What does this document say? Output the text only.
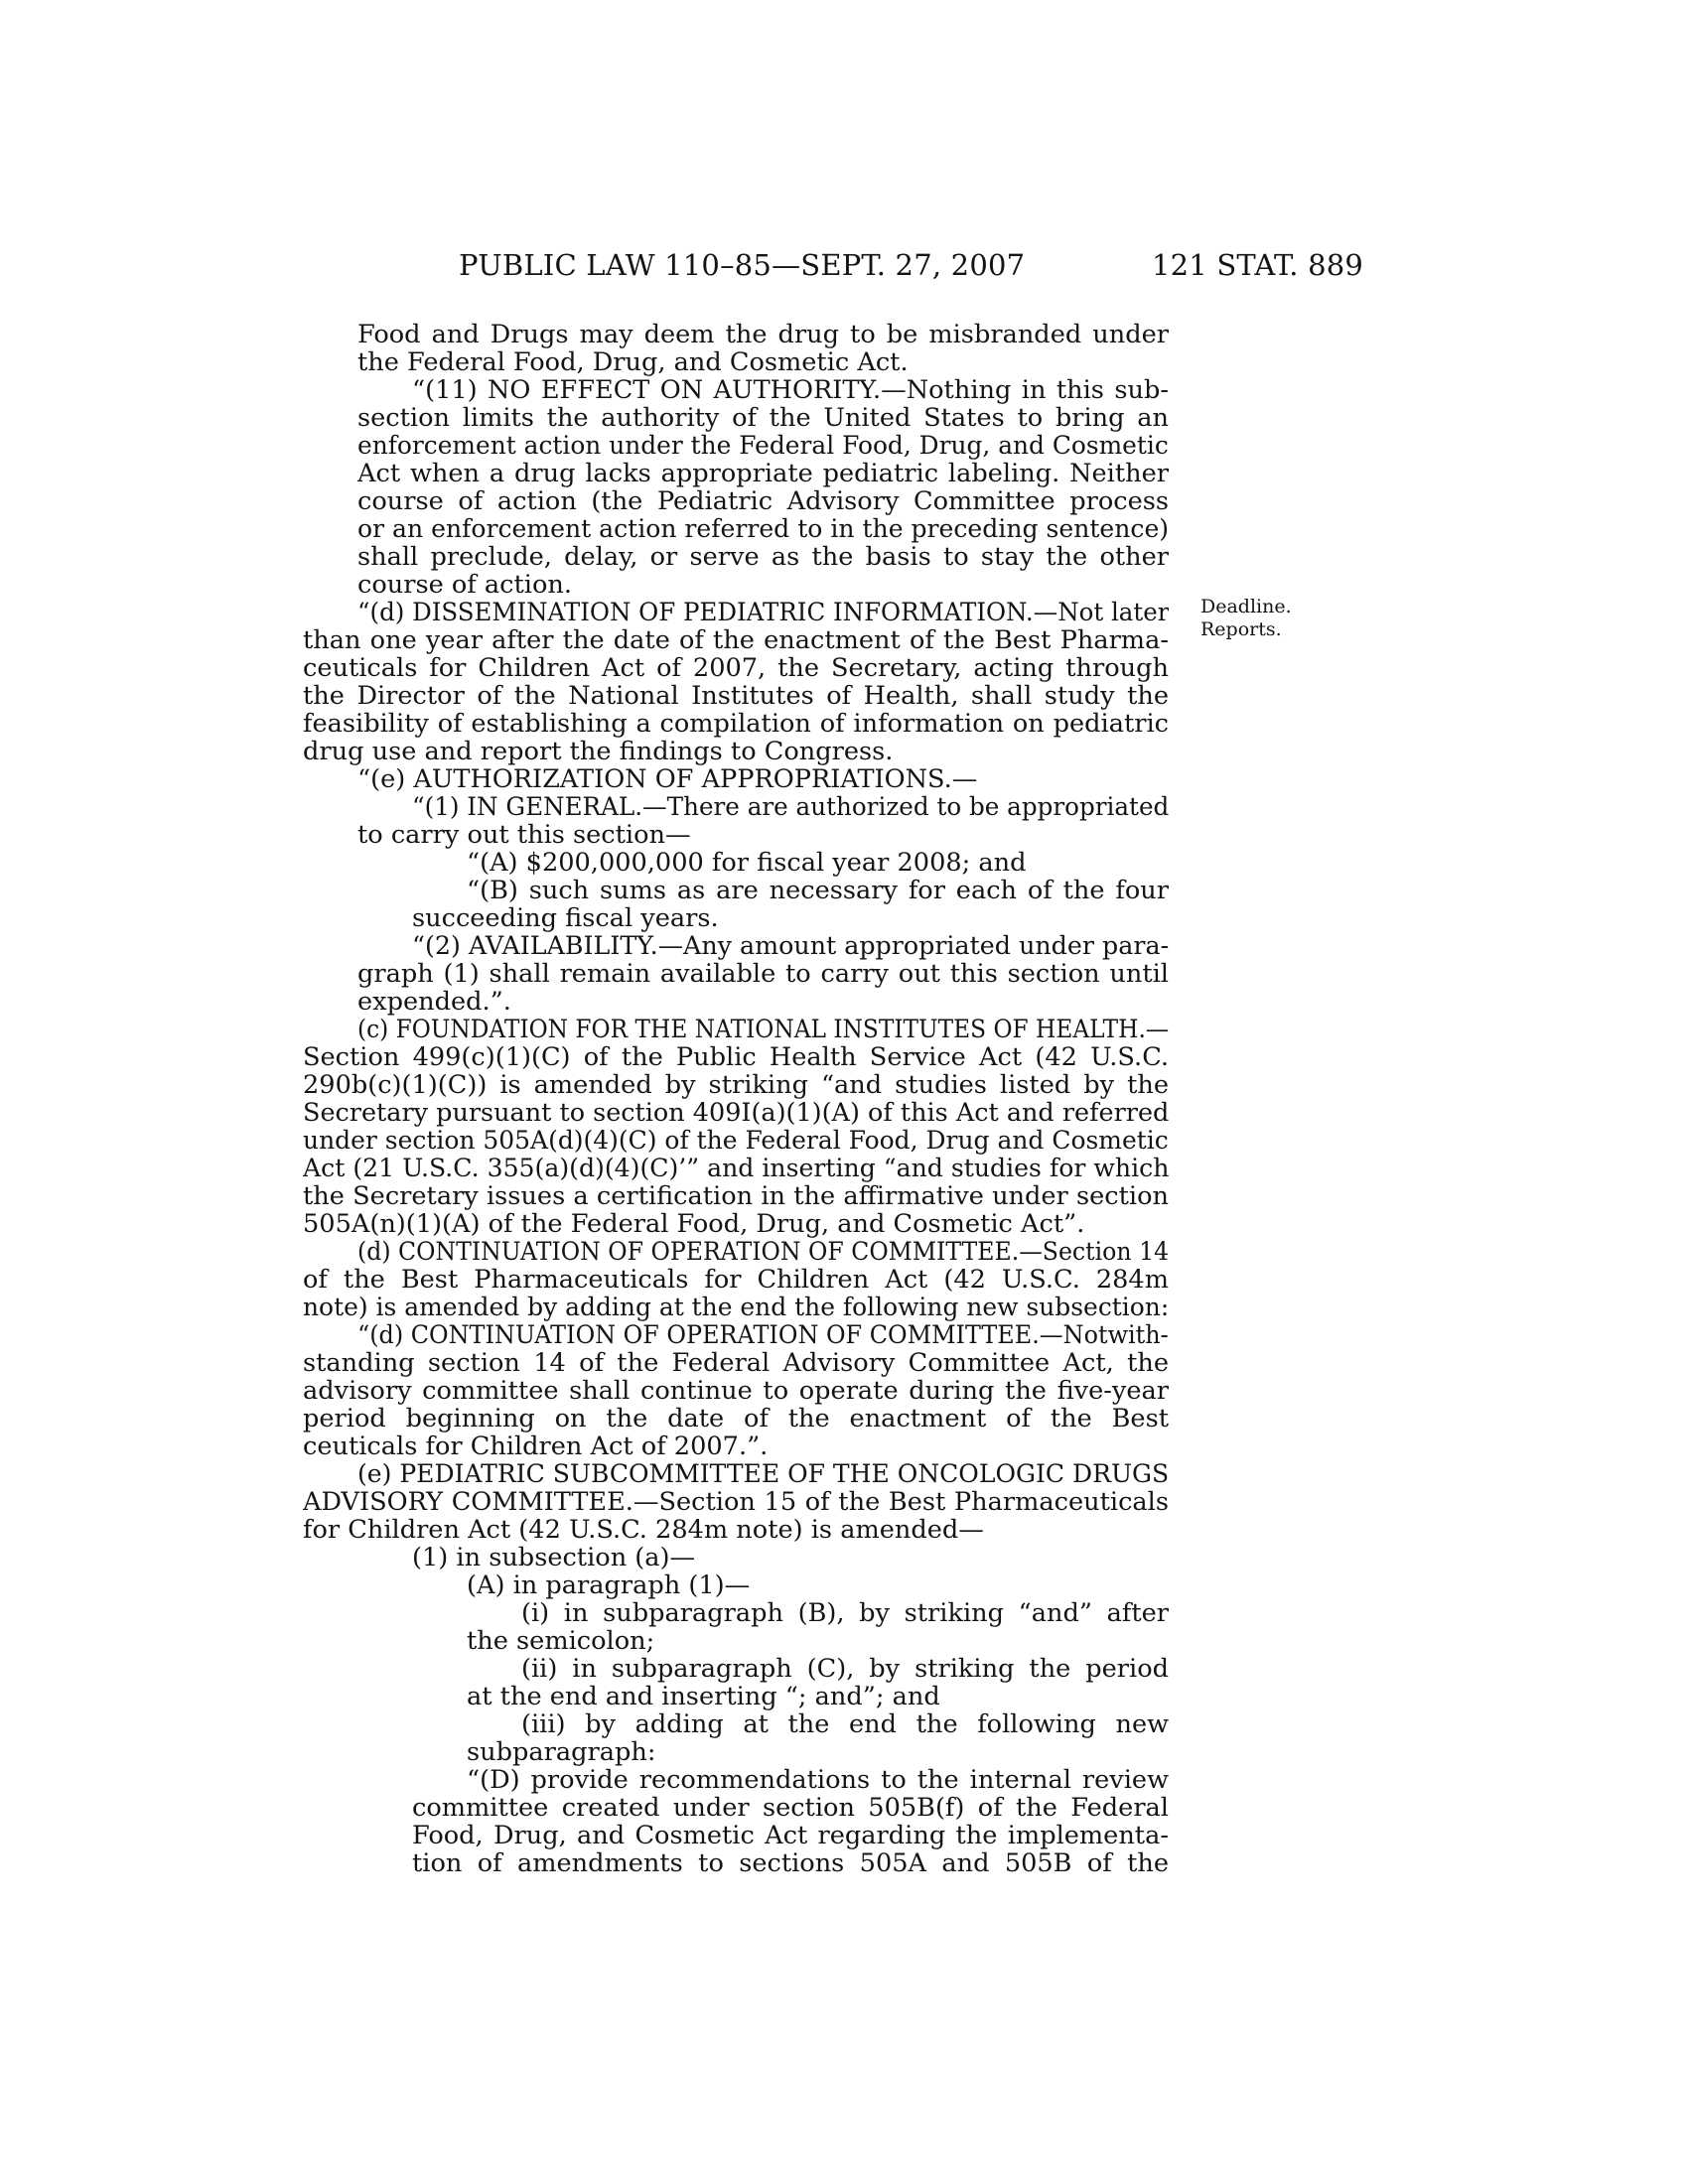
PUBLIC LAW 110–85—SEPT. 27, 2007	121 STAT. 889
Food and Drugs may deem the drug to be misbranded under
the Federal Food, Drug, and Cosmetic Act.
“(11) NO EFFECT ON AUTHORITY.—Nothing in this sub-
section limits the authority of the United States to bring an
enforcement action under the Federal Food, Drug, and Cosmetic
Act when a drug lacks appropriate pediatric labeling. Neither
course of action (the Pediatric Advisory Committee process
or an enforcement action referred to in the preceding sentence)
shall preclude, delay, or serve as the basis to stay the other
course of action.
“(d) DISSEMINATION OF PEDIATRIC INFORMATION.—Not later
than one year after the date of the enactment of the Best Pharma-
ceuticals for Children Act of 2007, the Secretary, acting through
the Director of the National Institutes of Health, shall study the
feasibility of establishing a compilation of information on pediatric
drug use and report the findings to Congress.
“(e) AUTHORIZATION OF APPROPRIATIONS.—
“(1) IN GENERAL.—There are authorized to be appropriated
to carry out this section—
“(A) $200,000,000 for fiscal year 2008; and
“(B) such sums as are necessary for each of the four
succeeding fiscal years.
“(2) AVAILABILITY.—Any amount appropriated under para-
graph (1) shall remain available to carry out this section until
expended.”.
(c) FOUNDATION FOR THE NATIONAL INSTITUTES OF HEALTH.—
Section 499(c)(1)(C) of the Public Health Service Act (42 U.S.C.
290b(c)(1)(C)) is amended by striking “and studies listed by the
Secretary pursuant to section 409I(a)(1)(A) of this Act and referred
under section 505A(d)(4)(C) of the Federal Food, Drug and Cosmetic
Act (21 U.S.C. 355(a)(d)(4)(C)’” and inserting “and studies for which
the Secretary issues a certification in the affirmative under section
505A(n)(1)(A) of the Federal Food, Drug, and Cosmetic Act”.
(d) CONTINUATION OF OPERATION OF COMMITTEE.—Section 14
of the Best Pharmaceuticals for Children Act (42 U.S.C. 284m
note) is amended by adding at the end the following new subsection:
“(d) CONTINUATION OF OPERATION OF COMMITTEE.—Notwith-
standing section 14 of the Federal Advisory Committee Act, the
advisory committee shall continue to operate during the five-year
period beginning on the date of the enactment of the Best
ceuticals for Children Act of 2007.”.
(e) PEDIATRIC SUBCOMMITTEE OF THE ONCOLOGIC DRUGS
ADVISORY COMMITTEE.—Section 15 of the Best Pharmaceuticals
for Children Act (42 U.S.C. 284m note) is amended—
(1) in subsection (a)—
(A) in paragraph (1)—
(i) in subparagraph (B), by striking “and” after
the semicolon;
(ii) in subparagraph (C), by striking the period
at the end and inserting “; and”; and
(iii) by adding at the end the following new
subparagraph:
“(D) provide recommendations to the internal review
committee created under section 505B(f) of the Federal
Food, Drug, and Cosmetic Act regarding the implementa-
tion of amendments to sections 505A and 505B of the
Deadline.
Reports.
